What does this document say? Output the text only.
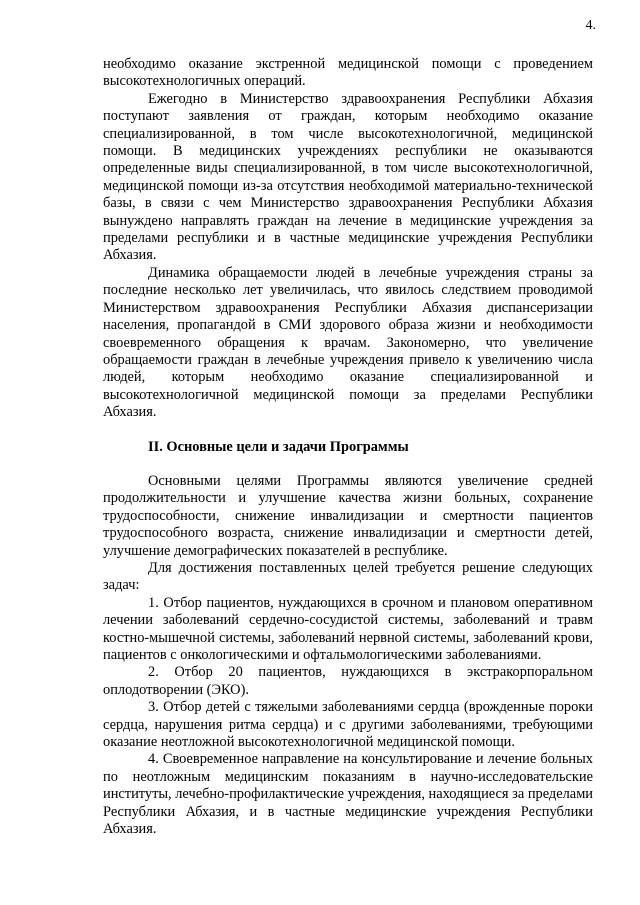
4.

необходимо оказание экстренной медицинской помощи с проведением высокотехнологичных операций.

Ежегодно в Министерство здравоохранения Республики Абхазия поступают заявления от граждан, которым необходимо оказание специализированной, в том числе высокотехнологичной, медицинской помощи. В медицинских учреждениях республики не оказываются определенные виды специализированной, в том числе высокотехнологичной, медицинской помощи из-за отсутствия необходимой материально-технической базы, в связи с чем Министерство здравоохранения Республики Абхазия вынуждено направлять граждан на лечение в медицинские учреждения за пределами республики и в частные медицинские учреждения Республики Абхазия.

Динамика обращаемости людей в лечебные учреждения страны за последние несколько лет увеличилась, что явилось следствием проводимой Министерством здравоохранения Республики Абхазия диспансеризации населения, пропагандой в СМИ здорового образа жизни и необходимости своевременного обращения к врачам. Закономерно, что увеличение обращаемости граждан в лечебные учреждения привело к увеличению числа людей, которым необходимо оказание специализированной и высокотехнологичной медицинской помощи за пределами Республики Абхазия.

II. Основные цели и задачи Программы

Основными целями Программы являются увеличение средней продолжительности и улучшение качества жизни больных, сохранение трудоспособности, снижение инвалидизации и смертности пациентов трудоспособного возраста, снижение инвалидизации и смертности детей, улучшение демографических показателей в республике.

Для достижения поставленных целей требуется решение следующих задач:

1. Отбор пациентов, нуждающихся в срочном и плановом оперативном лечении заболеваний сердечно-сосудистой системы, заболеваний и травм костно-мышечной системы, заболеваний нервной системы, заболеваний крови, пациентов с онкологическими и офтальмологическими заболеваниями.

2. Отбор 20 пациентов, нуждающихся в экстракорпоральном оплодотворении (ЭКО).

3. Отбор детей с тяжелыми заболеваниями сердца (врожденные пороки сердца, нарушения ритма сердца) и с другими заболеваниями, требующими оказание неотложной высокотехнологичной медицинской помощи.

4. Своевременное направление на консультирование и лечение больных по неотложным медицинским показаниям в научно-исследовательские институты, лечебно-профилактические учреждения, находящиеся за пределами Республики Абхазия, и в частные медицинские учреждения Республики Абхазия.
